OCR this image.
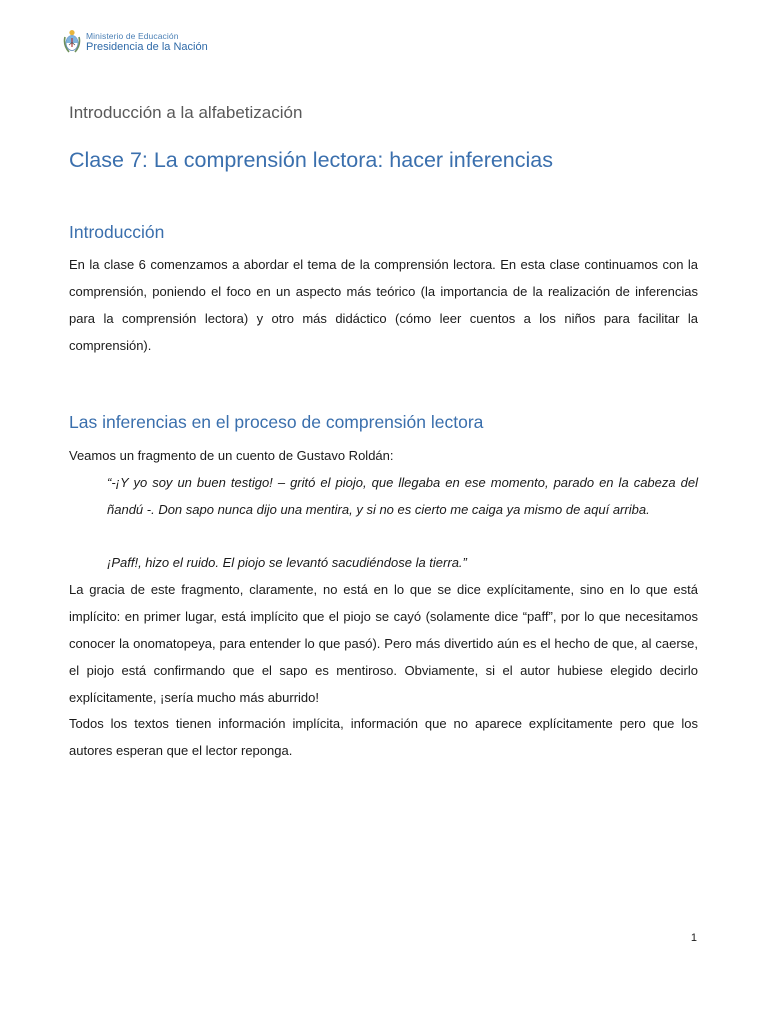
Ministerio de Educación
Presidencia de la Nación
Introducción a la alfabetización
Clase 7: La comprensión lectora: hacer inferencias
Introducción

En la clase 6 comenzamos a abordar el tema de la comprensión lectora. En esta clase continuamos con la comprensión, poniendo el foco en un aspecto más teórico (la importancia de la realización de inferencias para la comprensión lectora) y otro más didáctico (cómo leer cuentos a los niños para facilitar la comprensión).

Las inferencias en el proceso de comprensión lectora

Veamos un fragmento de un cuento de Gustavo Roldán:

“-¡Y yo soy un buen testigo! – gritó el piojo, que llegaba en ese momento, parado en la cabeza del ñandú -. Don sapo nunca dijo una mentira, y si no es cierto me caiga ya mismo de aquí arriba.

¡Paff!, hizo el ruido. El piojo se levantó sacudiéndose la tierra.”

La gracia de este fragmento, claramente, no está en lo que se dice explícitamente, sino en lo que está implícito: en primer lugar, está implícito que el piojo se cayó (solamente dice “paff”, por lo que necesitamos conocer la onomatopeya, para entender lo que pasó). Pero más divertido aún es el hecho de que, al caerse, el piojo está confirmando que el sapo es mentiroso. Obviamente, si el autor hubiese elegido decirlo explícitamente, ¡sería mucho más aburrido!

Todos los textos tienen información implícita, información que no aparece explícitamente pero que los autores esperan que el lector reponga.

1
